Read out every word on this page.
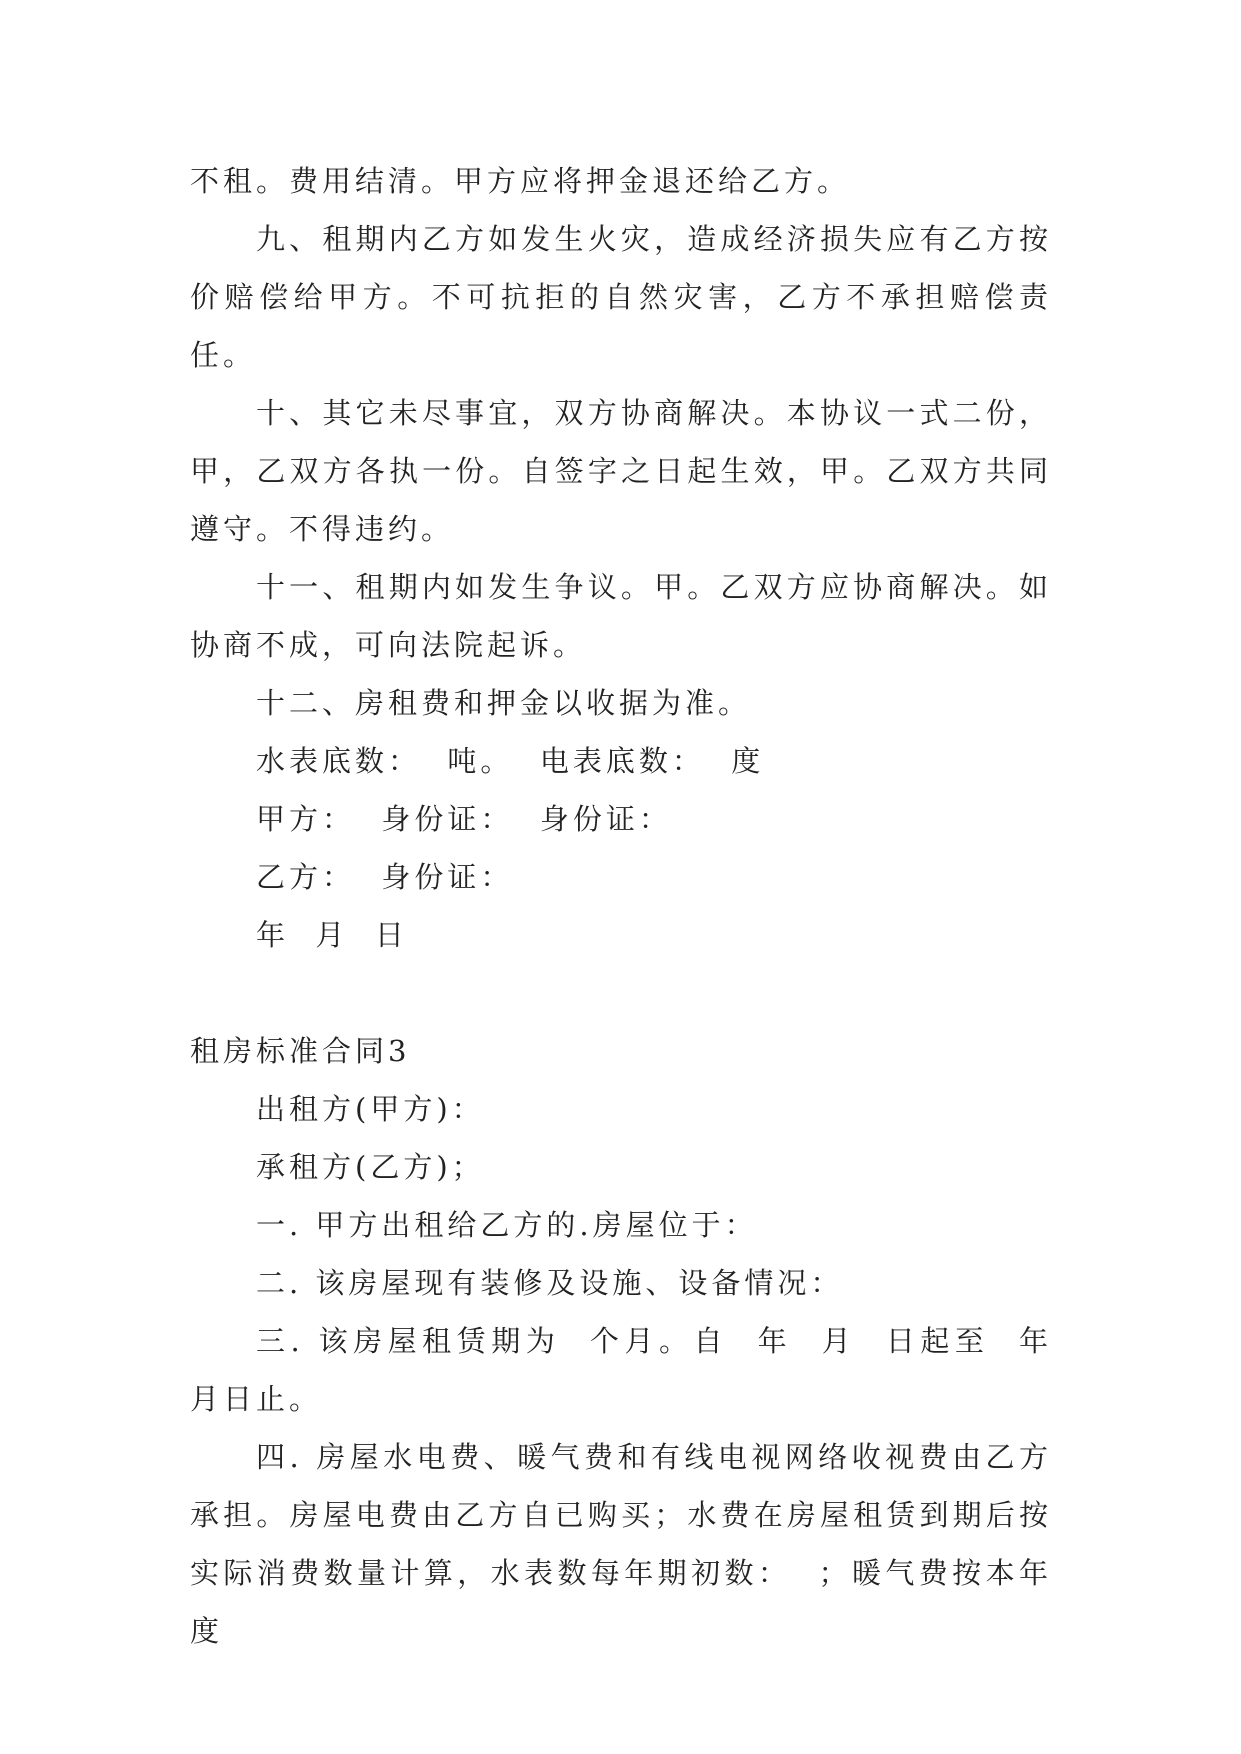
不租。费用结清。甲方应将押金退还给乙方。

九、租期内乙方如发生火灾，造成经济损失应有乙方按价赔偿给甲方。不可抗拒的自然灾害，乙方不承担赔偿责任。

十、其它未尽事宜，双方协商解决。本协议一式二份，甲，乙双方各执一份。自签字之日起生效，甲。乙双方共同遵守。不得违约。

十一、租期内如发生争议。甲。乙双方应协商解决。如协商不成，可向法院起诉。

十二、房租费和押金以收据为准。

水表底数：  吨。  电表底数：  度

甲方：  身份证：  身份证：

乙方：  身份证：

年  月  日

租房标准合同3

出租方(甲方)：

承租方(乙方)；

一. 甲方出租给乙方的.房屋位于：

二. 该房屋现有装修及设施、设备情况：

三. 该房屋租赁期为  个月。自  年  月  日起至  年  月日止。

四. 房屋水电费、暖气费和有线电视网络收视费由乙方承担。房屋电费由乙方自已购买；水费在房屋租赁到期后按实际消费数量计算，水表数每年期初数：  ；暖气费按本年度
